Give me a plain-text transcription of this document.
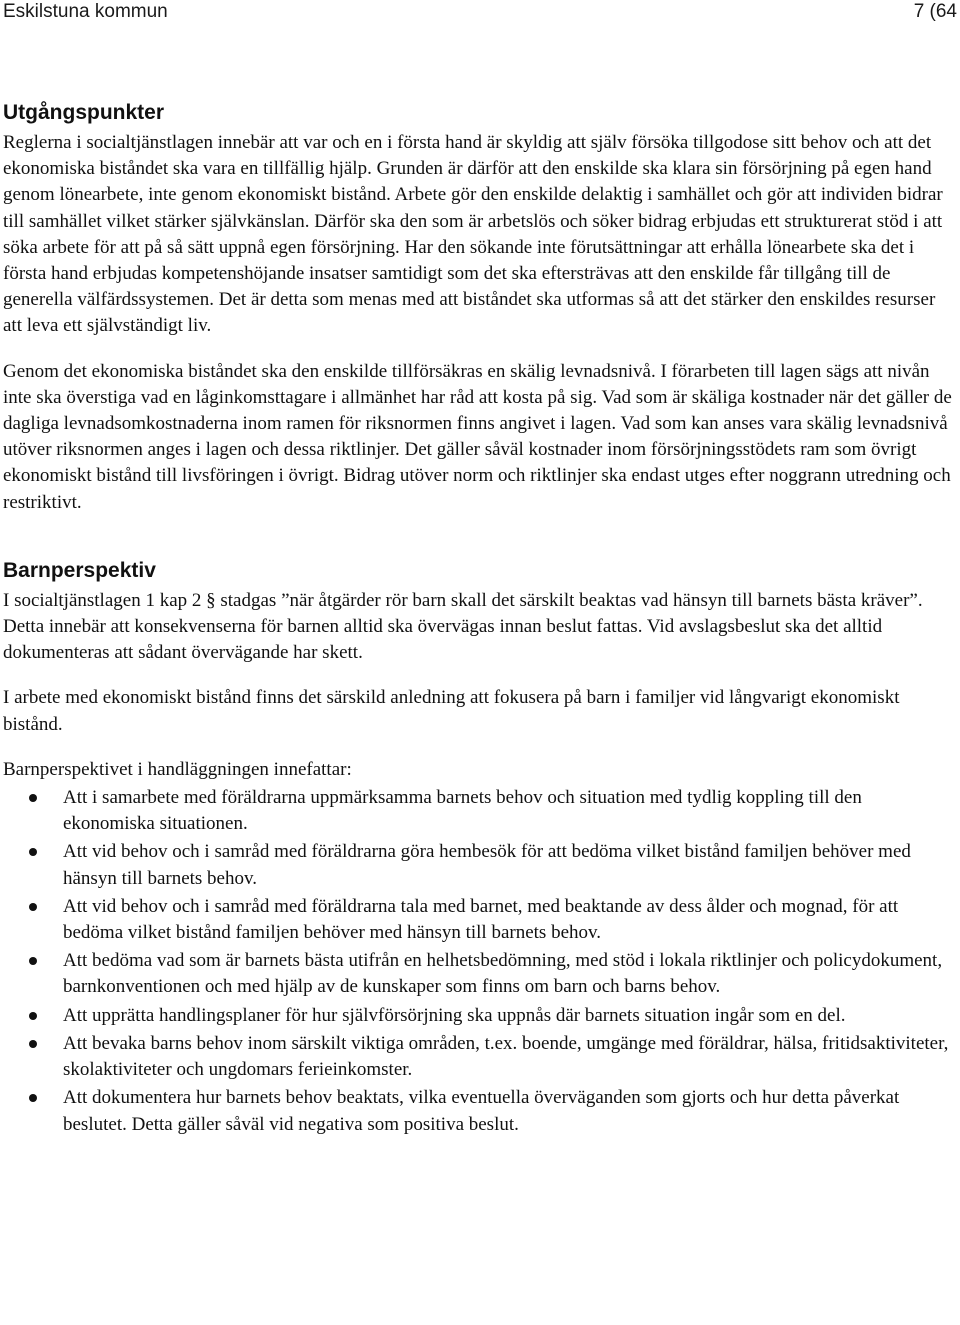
Eskilstuna kommun	7 (64
Utgångspunkter

Reglerna i socialtjänstlagen innebär att var och en i första hand är skyldig att själv försöka tillgodose sitt behov och att det ekonomiska biståndet ska vara en tillfällig hjälp. Grunden är därför att den enskilde ska klara sin försörjning på egen hand genom lönearbete, inte genom ekonomiskt bistånd. Arbete gör den enskilde delaktig i samhället och gör att individen bidrar till samhället vilket stärker självkänslan. Därför ska den som är arbetslös och söker bidrag erbjudas ett strukturerat stöd i att söka arbete för att på så sätt uppnå egen försörjning. Har den sökande inte förutsättningar att erhålla lönearbete ska det i första hand erbjudas kompetenshöjande insatser samtidigt som det ska eftersträvas att den enskilde får tillgång till de generella välfärdssystemen. Det är detta som menas med att biståndet ska utformas så att det stärker den enskildes resurser att leva ett självständigt liv.

Genom det ekonomiska biståndet ska den enskilde tillförsäkras en skälig levnadsnivå. I förarbeten till lagen sägs att nivån inte ska överstiga vad en låginkomsttagare i allmänhet har råd att kosta på sig. Vad som är skäliga kostnader när det gäller de dagliga levnadsomkostnaderna inom ramen för riksnormen finns angivet i lagen. Vad som kan anses vara skälig levnadsnivå utöver riksnormen anges i lagen och dessa riktlinjer. Det gäller såväl kostnader inom försörjningsstödets ram som övrigt ekonomiskt bistånd till livsföringen i övrigt. Bidrag utöver norm och riktlinjer ska endast utges efter noggrann utredning och restriktivt.

Barnperspektiv

I socialtjänstlagen 1 kap 2 § stadgas ”när åtgärder rör barn skall det särskilt beaktas vad hänsyn till barnets bästa kräver”. Detta innebär att konsekvenserna för barnen alltid ska övervägas innan beslut fattas. Vid avslagsbeslut ska det alltid dokumenteras att sådant övervägande har skett.

I arbete med ekonomiskt bistånd finns det särskild anledning att fokusera på barn i familjer vid långvarigt ekonomiskt bistånd.

Barnperspektivet i handläggningen innefattar:

Att i samarbete med föräldrarna uppmärksamma barnets behov och situation med tydlig koppling till den ekonomiska situationen.
Att vid behov och i samråd med föräldrarna göra hembesök för att bedöma vilket bistånd familjen behöver med hänsyn till barnets behov.
Att vid behov och i samråd med föräldrarna tala med barnet, med beaktande av dess ålder och mognad, för att bedöma vilket bistånd familjen behöver med hänsyn till barnets behov.
Att bedöma vad som är barnets bästa utifrån en helhetsbedömning, med stöd i lokala riktlinjer och policydokument, barnkonventionen och med hjälp av de kunskaper som finns om barn och barns behov.
Att upprätta handlingsplaner för hur självförsörjning ska uppnås där barnets situation ingår som en del.
Att bevaka barns behov inom särskilt viktiga områden, t.ex. boende, umgänge med föräldrar, hälsa, fritidsaktiviteter, skolaktiviteter och ungdomars ferieinkomster.
Att dokumentera hur barnets behov beaktats, vilka eventuella överväganden som gjorts och hur detta påverkat beslutet. Detta gäller såväl vid negativa som positiva beslut.
